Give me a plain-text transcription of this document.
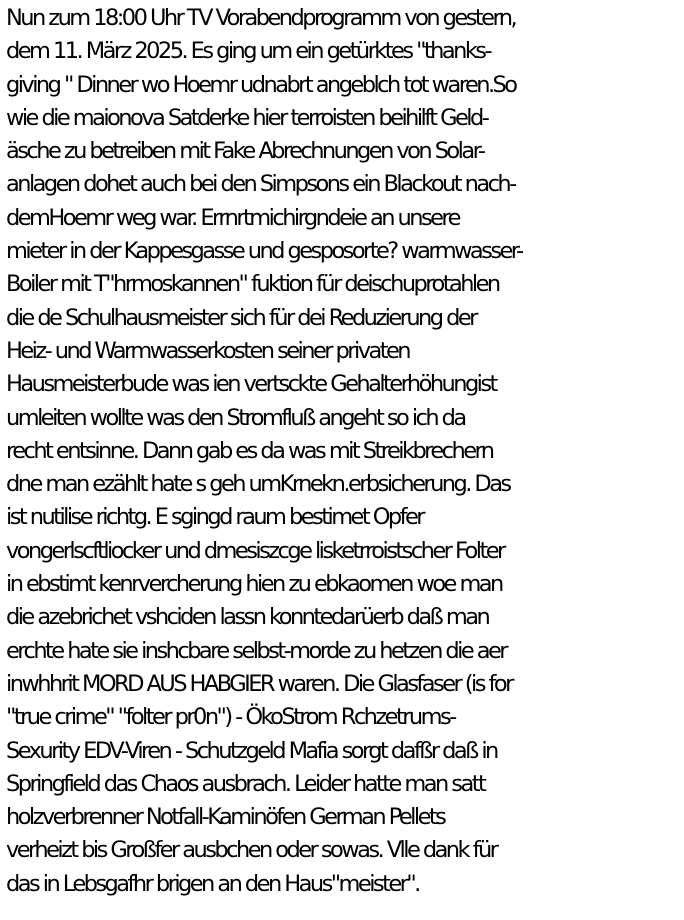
Nun zum 18:00 Uhr TV Vorabendprogramm von gestern,
dem 11. März 2025. Es ging um ein getürktes "thanks-
giving " Dinner wo Hoemr udnabrt angeblch tot waren.So
wie die maionova Satderke hier terroisten beihilft Geld-
äsche zu betreiben mit Fake Abrechnungen von Solar-
anlagen dohet auch bei den Simpsons ein Blackout nach-
demHoemr weg war. Errnrtmichirgndeie an unsere
mieter in der Kappesgasse und gesposorte? warmwasser-
Boiler mit T"hrmoskannen" fuktion für deischuprotahlen
die de Schulhausmeister sich für dei Reduzierung der
Heiz- und Warmwasserkosten seiner privaten
Hausmeisterbude was ien vertsckte Gehalterhöhungist
umleiten wollte was den Stromfluß angeht so ich da
recht entsinne. Dann gab es da was mit Streikbrechern
dne man ezählt hate s geh umKrnekn.erbsicherung. Das
ist nutilise richtg. E sgingd raum bestimet Opfer
vongerlscftliocker und dmesiszcge lisketrroistscher Folter
in ebstimt kenrvercherung hien zu ebkaomen woe man
die azebrichet vshciden lassn konntedarüerb daß man
erchte hate sie inshcbare selbst-morde zu hetzen die aer
inwhhrit MORD AUS HABGIER waren. Die Glasfaser (is for
"true crime" "folter pr0n") - ÖkoStrom Rchzetrums-
Sexurity EDV-Viren - Schutzgeld Mafia sorgt dafßr daß in
Springfield das Chaos ausbrach. Leider hatte man satt
holzverbrenner Notfall-Kaminöfen German Pellets
verheizt bis Großfer ausbchen oder sowas. Vlle dank für
das in Lebsgafhr brigen an den Haus"meister".
